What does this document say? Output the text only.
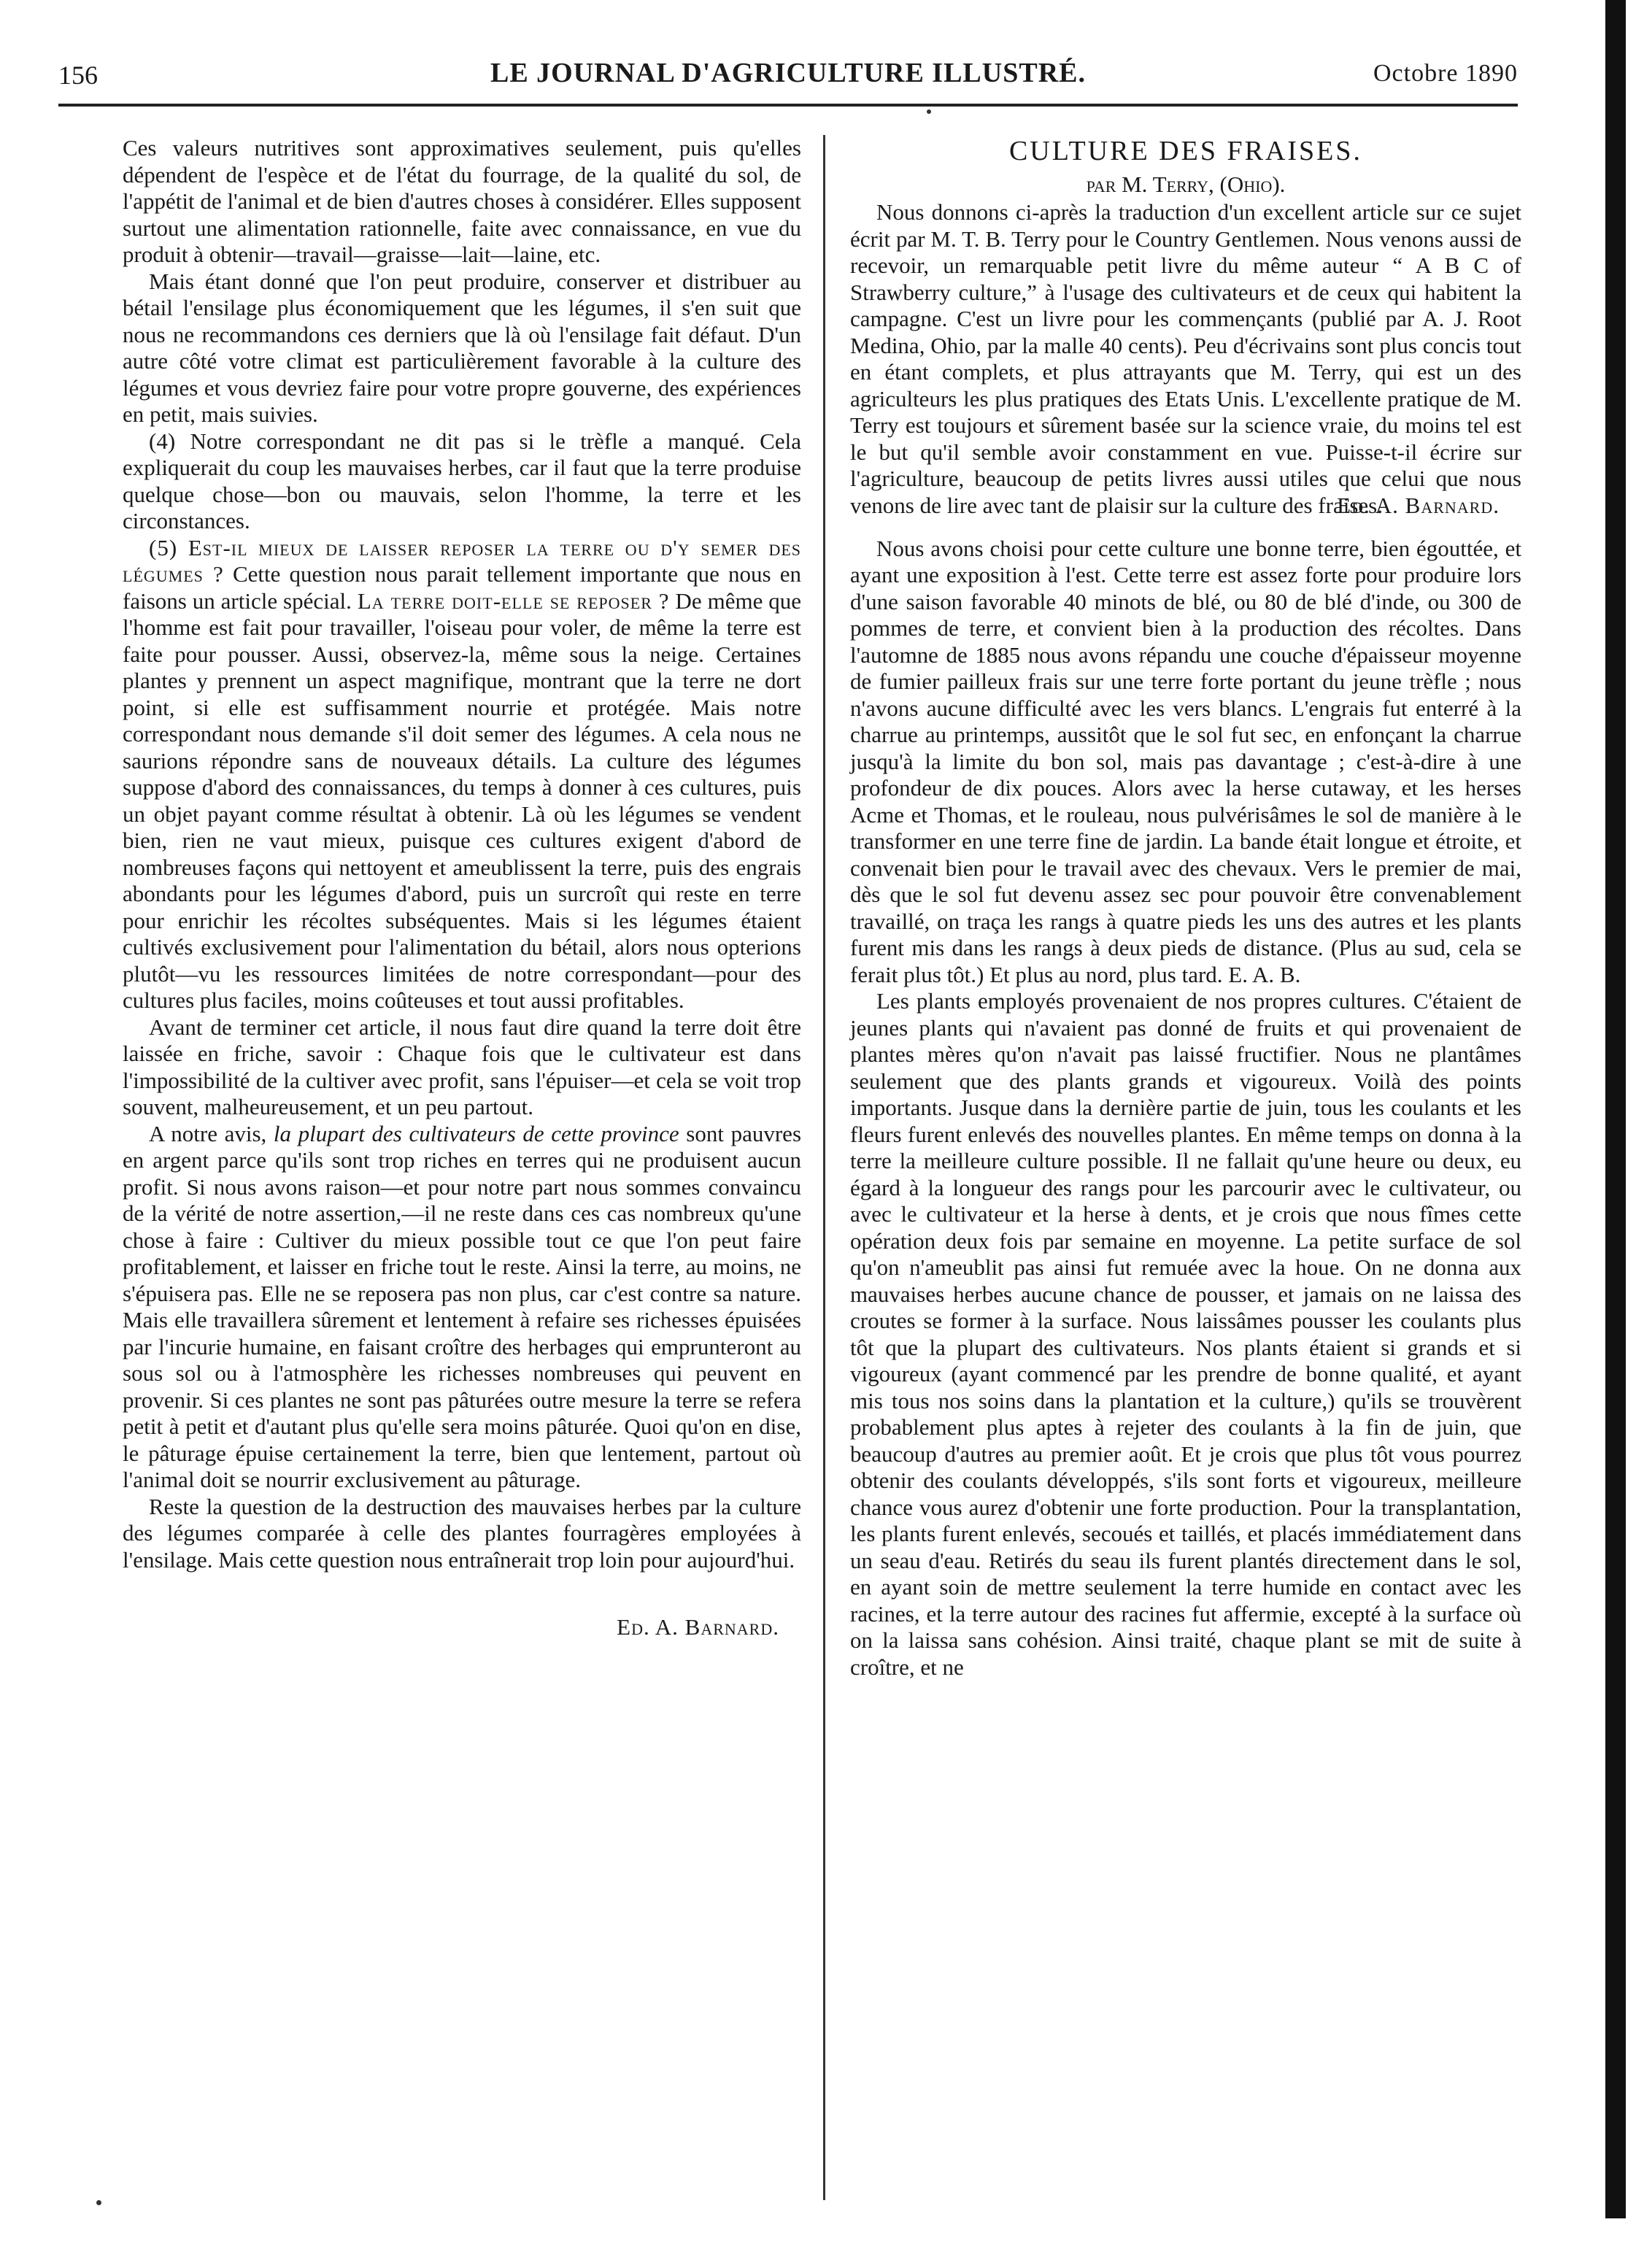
156	LE JOURNAL D'AGRICULTURE ILLUSTRÉ.	Octobre 1890

Ces valeurs nutritives sont approximatives seulement, puis qu'elles dépendent de l'espèce et de l'état du fourrage, de la qualité du sol, de l'appétit de l'animal et de bien d'autres choses à considérer. Elles supposent surtout une alimentation rationnelle, faite avec connaissance, en vue du produit à obtenir—travail—graisse—lait—laine, etc.

Mais étant donné que l'on peut produire, conserver et distribuer au bétail l'ensilage plus économiquement que les légumes, il s'en suit que nous ne recommandons ces derniers que là où l'ensilage fait défaut. D'un autre côté votre climat est particulièrement favorable à la culture des légumes et vous devriez faire pour votre propre gouverne, des expériences en petit, mais suivies.

(4) Notre correspondant ne dit pas si le trèfle a manqué. Cela expliquerait du coup les mauvaises herbes, car il faut que la terre produise quelque chose—bon ou mauvais, selon l'homme, la terre et les circonstances.

(5) Est-il mieux de laisser reposer la terre ou d'y semer des légumes ? Cette question nous parait tellement importante que nous en faisons un article spécial. La terre doit-elle se reposer ? De même que l'homme est fait pour travailler, l'oiseau pour voler, de même la terre est faite pour pousser. Aussi, observez-la, même sous la neige. Certaines plantes y prennent un aspect magnifique, montrant que la terre ne dort point, si elle est suffisamment nourrie et protégée. Mais notre correspondant nous demande s'il doit semer des légumes. A cela nous ne saurions répondre sans de nouveaux détails. La culture des légumes suppose d'abord des connaissances, du temps à donner à ces cultures, puis un objet payant comme résultat à obtenir. Là où les légumes se vendent bien, rien ne vaut mieux, puisque ces cultures exigent d'abord de nombreuses façons qui nettoyent et ameublissent la terre, puis des engrais abondants pour les légumes d'abord, puis un surcroît qui reste en terre pour enrichir les récoltes subséquentes. Mais si les légumes étaient cultivés exclusivement pour l'alimentation du bétail, alors nous opterions plutôt—vu les ressources limitées de notre correspondant—pour des cultures plus faciles, moins coûteuses et tout aussi profitables.

Avant de terminer cet article, il nous faut dire quand la terre doit être laissée en friche, savoir : Chaque fois que le cultivateur est dans l'impossibilité de la cultiver avec profit, sans l'épuiser—et cela se voit trop souvent, malheureusement, et un peu partout.

A notre avis, la plupart des cultivateurs de cette province sont pauvres en argent parce qu'ils sont trop riches en terres qui ne produisent aucun profit. Si nous avons raison—et pour notre part nous sommes convaincu de la vérité de notre assertion,—il ne reste dans ces cas nombreux qu'une chose à faire : Cultiver du mieux possible tout ce que l'on peut faire profitablement, et laisser en friche tout le reste. Ainsi la terre, au moins, ne s'épuisera pas. Elle ne se reposera pas non plus, car c'est contre sa nature. Mais elle travaillera sûrement et lentement à refaire ses richesses épuisées par l'incurie humaine, en faisant croître des herbages qui emprunteront au sous sol ou à l'atmosphère les richesses nombreuses qui peuvent en provenir. Si ces plantes ne sont pas pâturées outre mesure la terre se refera petit à petit et d'autant plus qu'elle sera moins pâturée. Quoi qu'on en dise, le pâturage épuise certainement la terre, bien que lentement, partout où l'animal doit se nourrir exclusivement au pâturage.

Reste la question de la destruction des mauvaises herbes par la culture des légumes comparée à celle des plantes fourragères employées à l'ensilage. Mais cette question nous entraînerait trop loin pour aujourd'hui.

Ed. A. Barnard.
CULTURE DES FRAISES.
par M. Terry, (Ohio).

Nous donnons ci-après la traduction d'un excellent article sur ce sujet écrit par M. T. B. Terry pour le Country Gentlemen. Nous venons aussi de recevoir, un remarquable petit livre du même auteur “ A B C of Strawberry culture,” à l'usage des cultivateurs et de ceux qui habitent la campagne. C'est un livre pour les commençants (publié par A. J. Root Medina, Ohio, par la malle 40 cents). Peu d'écrivains sont plus concis tout en étant complets, et plus attrayants que M. Terry, qui est un des agriculteurs les plus pratiques des Etats Unis. L'excellente pratique de M. Terry est toujours et sûrement basée sur la science vraie, du moins tel est le but qu'il semble avoir constamment en vue. Puisse-t-il écrire sur l'agriculture, beaucoup de petits livres aussi utiles que celui que nous venons de lire avec tant de plaisir sur la culture des fraises.

Ed. A. Barnard.

Nous avons choisi pour cette culture une bonne terre, bien égouttée, et ayant une exposition à l'est. Cette terre est assez forte pour produire lors d'une saison favorable 40 minots de blé, ou 80 de blé d'inde, ou 300 de pommes de terre, et convient bien à la production des récoltes. Dans l'automne de 1885 nous avons répandu une couche d'épaisseur moyenne de fumier pailleux frais sur une terre forte portant du jeune trèfle ; nous n'avons aucune difficulté avec les vers blancs. L'engrais fut enterré à la charrue au printemps, aussitôt que le sol fut sec, en enfonçant la charrue jusqu'à la limite du bon sol, mais pas davantage ; c'est-à-dire à une profondeur de dix pouces. Alors avec la herse cutaway, et les herses Acme et Thomas, et le rouleau, nous pulvérisâmes le sol de manière à le transformer en une terre fine de jardin. La bande était longue et étroite, et convenait bien pour le travail avec des chevaux. Vers le premier de mai, dès que le sol fut devenu assez sec pour pouvoir être convenablement travaillé, on traça les rangs à quatre pieds les uns des autres et les plants furent mis dans les rangs à deux pieds de distance. (Plus au sud, cela se ferait plus tôt.) Et plus au nord, plus tard. E. A. B.

Les plants employés provenaient de nos propres cultures. C'étaient de jeunes plants qui n'avaient pas donné de fruits et qui provenaient de plantes mères qu'on n'avait pas laissé fructifier. Nous ne plantâmes seulement que des plants grands et vigoureux. Voilà des points importants. Jusque dans la dernière partie de juin, tous les coulants et les fleurs furent enlevés des nouvelles plantes. En même temps on donna à la terre la meilleure culture possible. Il ne fallait qu'une heure ou deux, eu égard à la longueur des rangs pour les parcourir avec le cultivateur, ou avec le cultivateur et la herse à dents, et je crois que nous fîmes cette opération deux fois par semaine en moyenne. La petite surface de sol qu'on n'ameublit pas ainsi fut remuée avec la houe. On ne donna aux mauvaises herbes aucune chance de pousser, et jamais on ne laissa des croutes se former à la surface. Nous laissâmes pousser les coulants plus tôt que la plupart des cultivateurs. Nos plants étaient si grands et si vigoureux (ayant commencé par les prendre de bonne qualité, et ayant mis tous nos soins dans la plantation et la culture,) qu'ils se trouvèrent probablement plus aptes à rejeter des coulants à la fin de juin, que beaucoup d'autres au premier août. Et je crois que plus tôt vous pourrez obtenir des coulants développés, s'ils sont forts et vigoureux, meilleure chance vous aurez d'obtenir une forte production. Pour la transplantation, les plants furent enlevés, secoués et taillés, et placés immédiatement dans un seau d'eau. Retirés du seau ils furent plantés directement dans le sol, en ayant soin de mettre seulement la terre humide en contact avec les racines, et la terre autour des racines fut affermie, excepté à la surface où on la laissa sans cohésion. Ainsi traité, chaque plant se mit de suite à croître, et ne
